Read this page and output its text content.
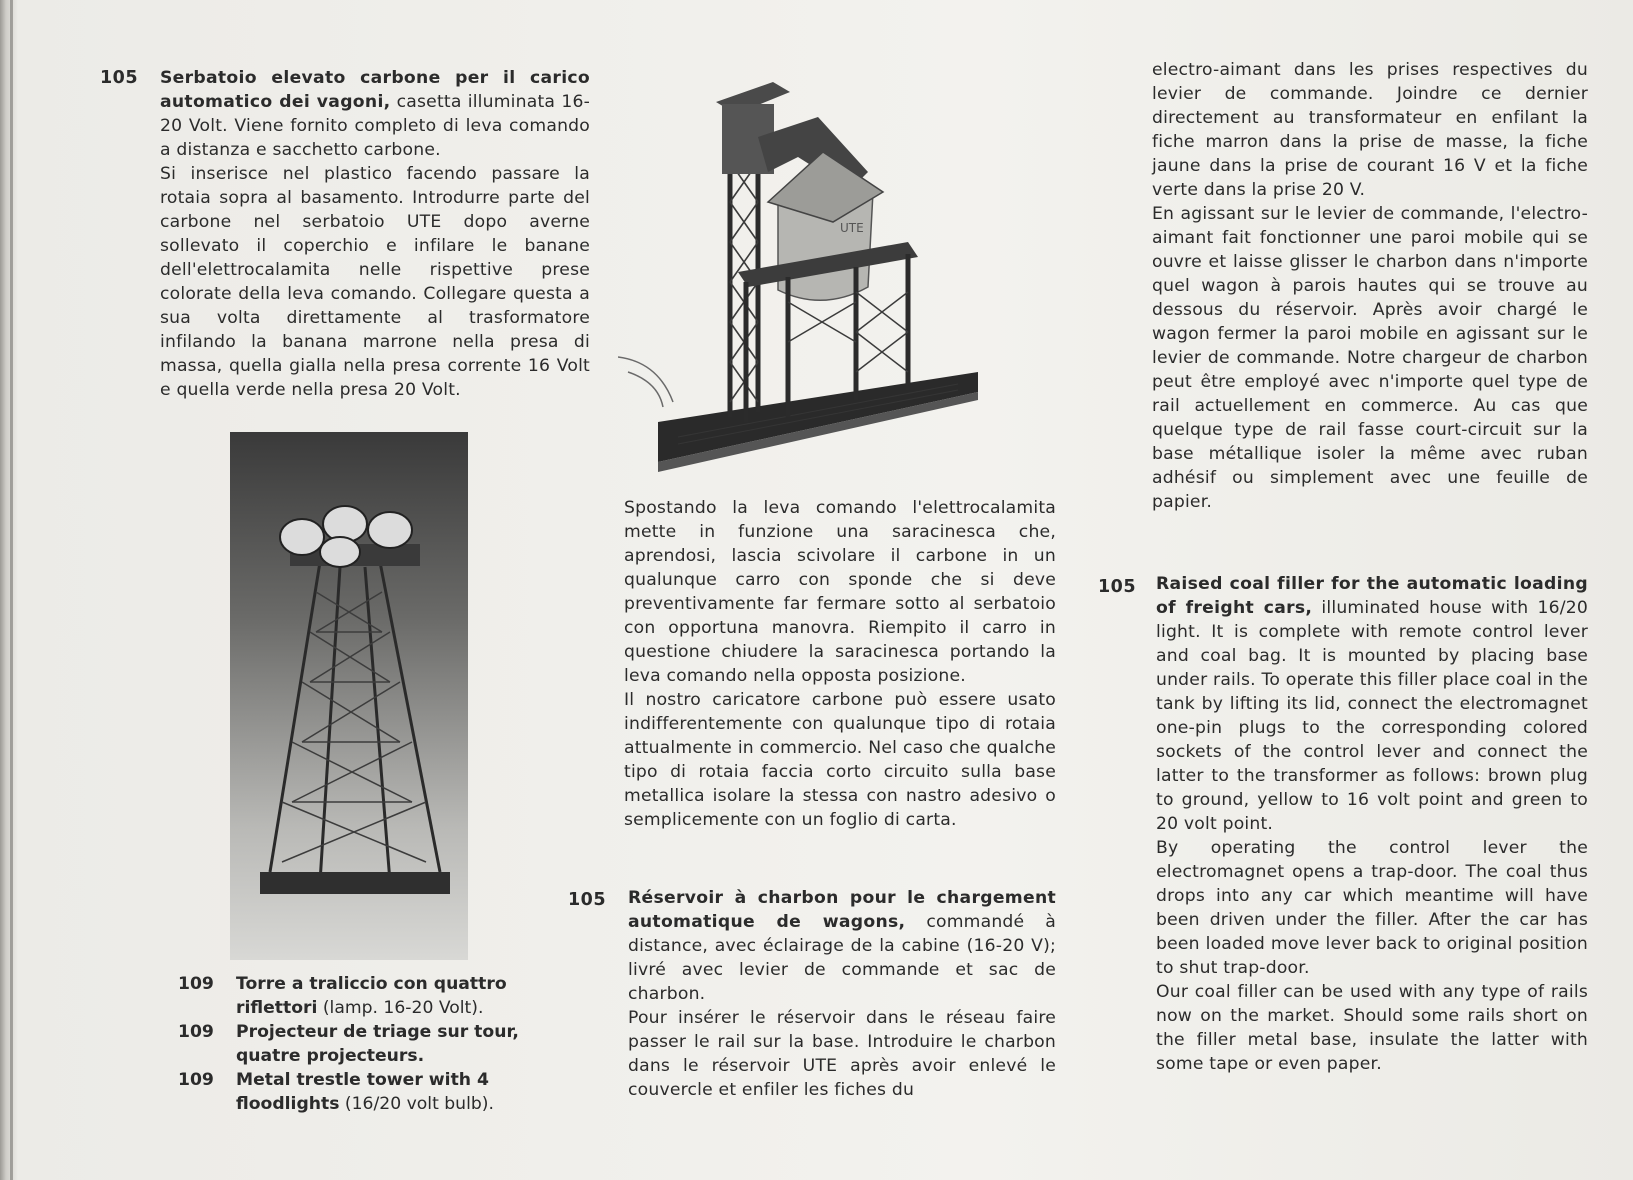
105 Serbatoio elevato carbone per il carico automatico dei vagoni, casetta illuminata 16-20 Volt. Viene fornito completo di leva comando a distanza e sacchetto carbone.

Si inserisce nel plastico facendo passare la rotaia sopra al basamento. Introdurre parte del carbone nel serbatoio UTE dopo averne sollevato il coperchio e infilare le banane dell'elettrocalamita nelle rispettive prese colorate della leva comando. Collegare questa a sua volta direttamente al trasformatore infilando la banana marrone nella presa di massa, quella gialla nella presa corrente 16 Volt e quella verde nella presa 20 Volt.

109 Torre a traliccio con quattro riflettori (lamp. 16-20 Volt).
109 Projecteur de triage sur tour, quatre projecteurs.
109 Metal trestle tower with 4 floodlights (16/20 volt bulb).
UTE

Spostando la leva comando l'elettrocalamita mette in funzione una saracinesca che, aprendosi, lascia scivolare il carbone in un qualunque carro con sponde che si deve preventivamente far fermare sotto al serbatoio con opportuna manovra. Riempito il carro in questione chiudere la saracinesca portando la leva comando nella opposta posizione.

Il nostro caricatore carbone può essere usato indifferentemente con qualunque tipo di rotaia attualmente in commercio. Nel caso che qualche tipo di rotaia faccia corto circuito sulla base metallica isolare la stessa con nastro adesivo o semplicemente con un foglio di carta.

105 Réservoir à charbon pour le chargement automatique de wagons, commandé à distance, avec éclairage de la cabine (16-20 V); livré avec levier de commande et sac de charbon.

Pour insérer le réservoir dans le réseau faire passer le rail sur la base. Introduire le charbon dans le réservoir UTE après avoir enlevé le couvercle et enfiler les fiches du

electro-aimant dans les prises respectives du levier de commande. Joindre ce dernier directement au transformateur en enfilant la fiche marron dans la prise de masse, la fiche jaune dans la prise de courant 16 V et la fiche verte dans la prise 20 V.

En agissant sur le levier de commande, l'electro-aimant fait fonctionner une paroi mobile qui se ouvre et laisse glisser le charbon dans n'importe quel wagon à parois hautes qui se trouve au dessous du réservoir. Après avoir chargé le wagon fermer la paroi mobile en agissant sur le levier de commande. Notre chargeur de charbon peut être employé avec n'importe quel type de rail actuellement en commerce. Au cas que quelque type de rail fasse court-circuit sur la base métallique isoler la même avec ruban adhésif ou simplement avec une feuille de papier.

105 Raised coal filler for the automatic loading of freight cars, illuminated house with 16/20 light. It is complete with remote control lever and coal bag. It is mounted by placing base under rails. To operate this filler place coal in the tank by lifting its lid, connect the electromagnet one-pin plugs to the corresponding colored sockets of the control lever and connect the latter to the transformer as follows: brown plug to ground, yellow to 16 volt point and green to 20 volt point.

By operating the control lever the electromagnet opens a trap-door. The coal thus drops into any car which meantime will have been driven under the filler. After the car has been loaded move lever back to original position to shut trap-door.

Our coal filler can be used with any type of rails now on the market. Should some rails short on the filler metal base, insulate the latter with some tape or even paper.
